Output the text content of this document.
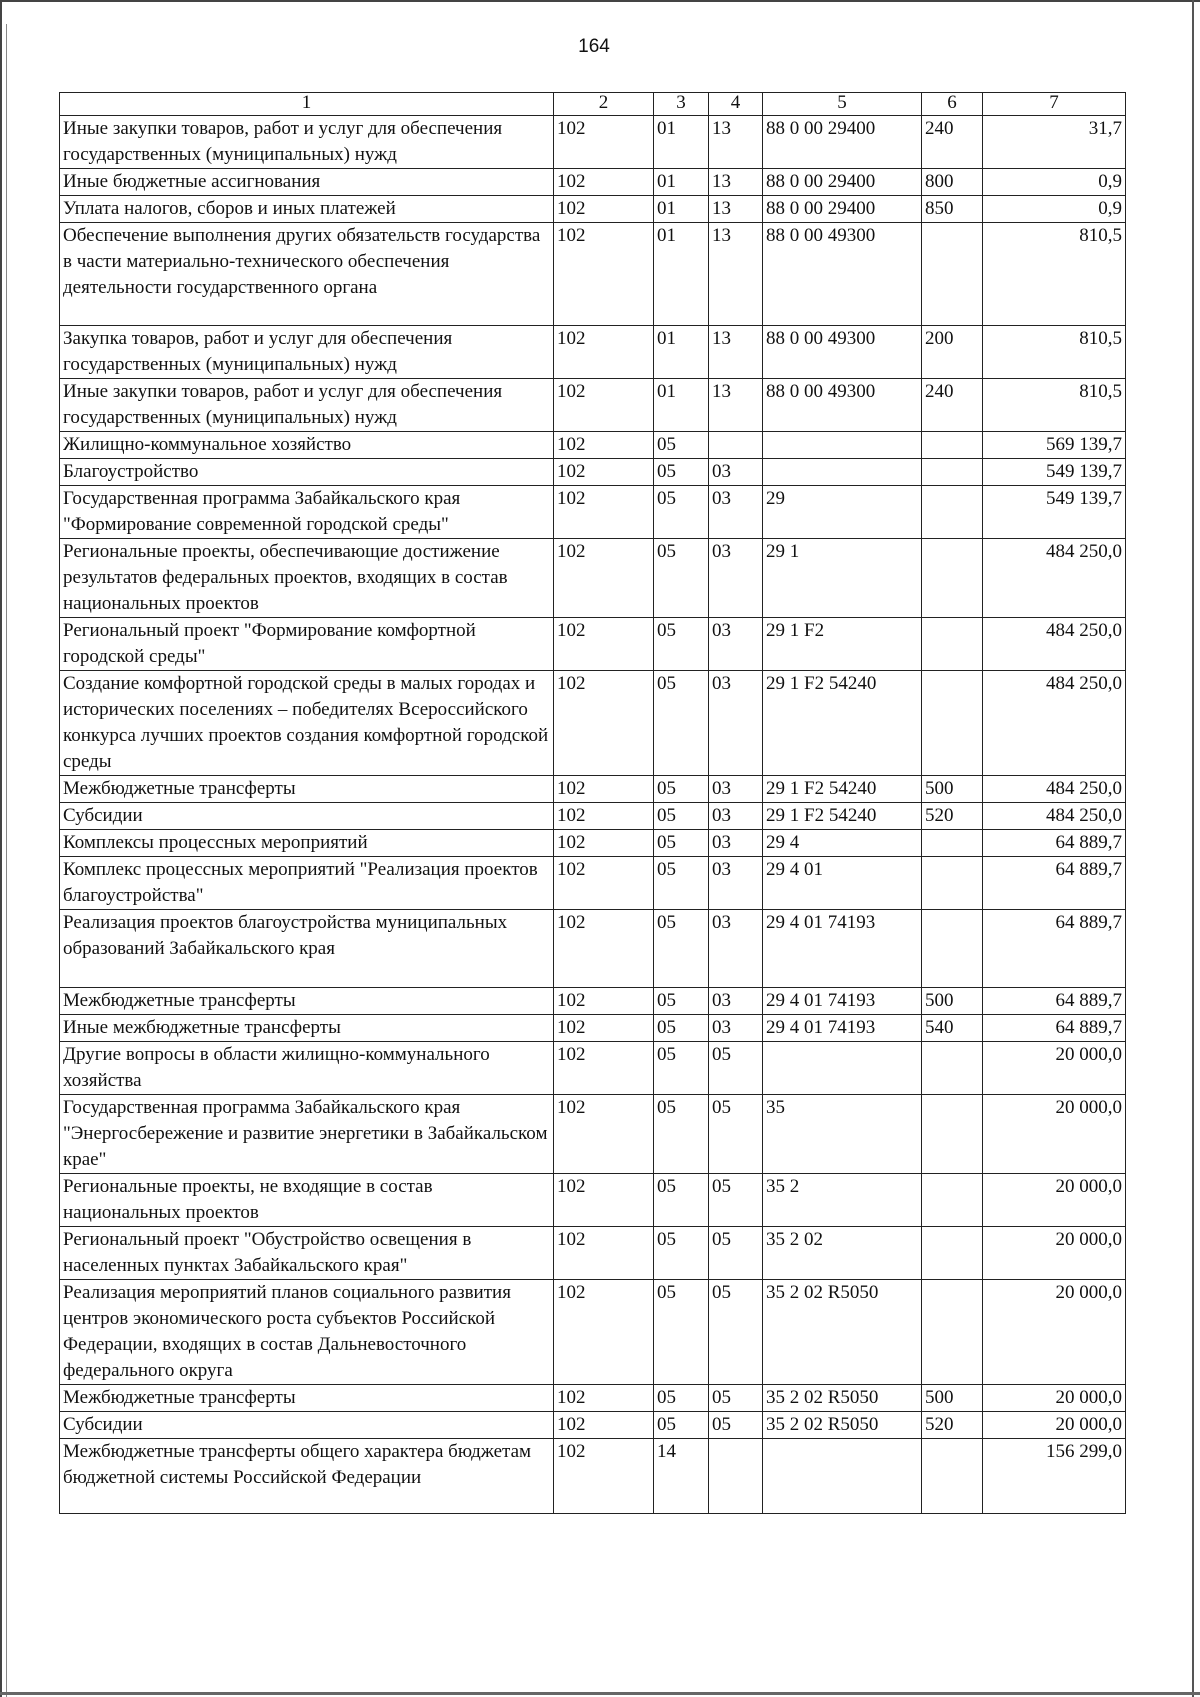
164
1	2	3	4	5	6	7
Иные закупки товаров, работ и услуг для обеспечения государственных (муниципальных) нужд	102	01	13	88 0 00 29400	240	31,7
Иные бюджетные ассигнования	102	01	13	88 0 00 29400	800	0,9
Уплата налогов, сборов и иных платежей	102	01	13	88 0 00 29400	850	0,9
Обеспечение выполнения других обязательств государства в части материально-технического обеспечения деятельности государственного органа	102	01	13	88 0 00 49300		810,5
Закупка товаров, работ и услуг для обеспечения государственных (муниципальных) нужд	102	01	13	88 0 00 49300	200	810,5
Иные закупки товаров, работ и услуг для обеспечения государственных (муниципальных) нужд	102	01	13	88 0 00 49300	240	810,5
Жилищно-коммунальное хозяйство	102	05				569 139,7
Благоустройство	102	05	03			549 139,7
Государственная программа Забайкальского края "Формирование современной городской среды"	102	05	03	29		549 139,7
Региональные проекты, обеспечивающие достижение результатов федеральных проектов, входящих в состав национальных проектов	102	05	03	29 1		484 250,0
Региональный проект "Формирование комфортной городской среды"	102	05	03	29 1 F2		484 250,0
Создание комфортной городской среды в малых городах и исторических поселениях – победителях Всероссийского конкурса лучших проектов создания комфортной городской среды	102	05	03	29 1 F2 54240		484 250,0
Межбюджетные трансферты	102	05	03	29 1 F2 54240	500	484 250,0
Субсидии	102	05	03	29 1 F2 54240	520	484 250,0
Комплексы процессных мероприятий	102	05	03	29 4		64 889,7
Комплекс процессных мероприятий "Реализация проектов благоустройства"	102	05	03	29 4 01		64 889,7
Реализация проектов благоустройства муниципальных образований Забайкальского края	102	05	03	29 4 01 74193		64 889,7
Межбюджетные трансферты	102	05	03	29 4 01 74193	500	64 889,7
Иные межбюджетные трансферты	102	05	03	29 4 01 74193	540	64 889,7
Другие вопросы в области жилищно-коммунального хозяйства	102	05	05			20 000,0
Государственная программа Забайкальского края "Энергосбережение и развитие энергетики в Забайкальском крае"	102	05	05	35		20 000,0
Региональные проекты, не входящие в состав национальных проектов	102	05	05	35 2		20 000,0
Региональный проект "Обустройство освещения в населенных пунктах Забайкальского края"	102	05	05	35 2 02		20 000,0
Реализация мероприятий планов социального развития центров экономического роста субъектов Российской Федерации, входящих в состав Дальневосточного федерального округа	102	05	05	35 2 02 R5050		20 000,0
Межбюджетные трансферты	102	05	05	35 2 02 R5050	500	20 000,0
Субсидии	102	05	05	35 2 02 R5050	520	20 000,0
Межбюджетные трансферты общего характера бюджетам бюджетной системы Российской Федерации	102	14				156 299,0
